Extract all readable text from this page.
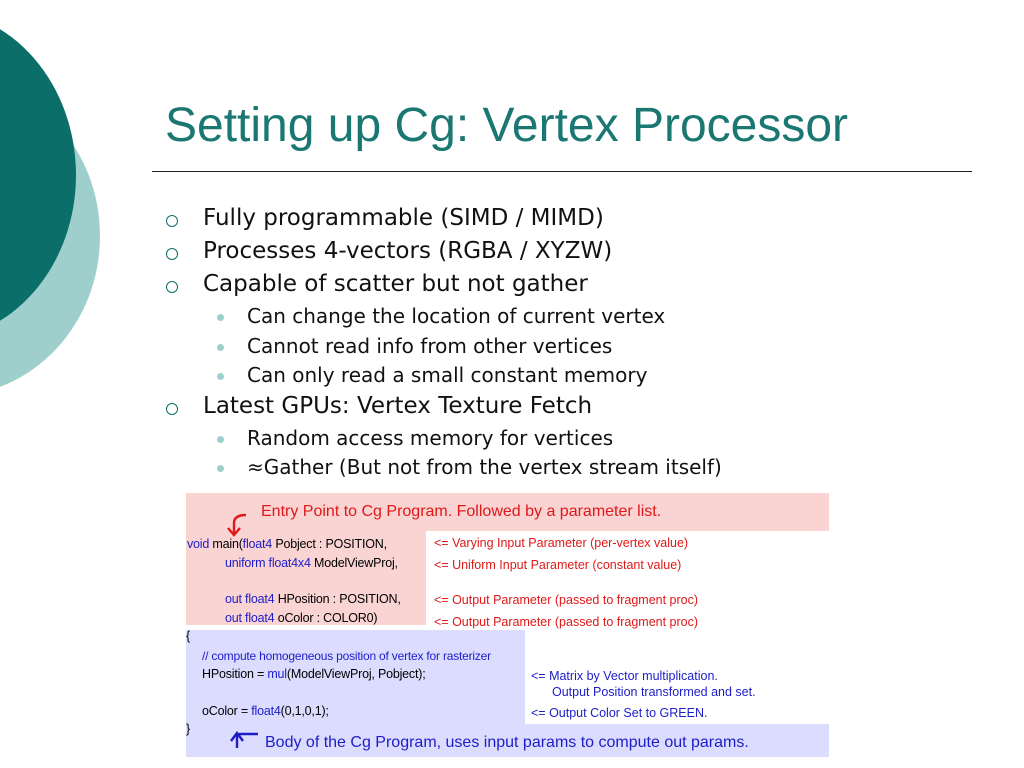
Setting up Cg: Vertex Processor
Fully programmable (SIMD / MIMD)
Processes 4-vectors (RGBA / XYZW)
Capable of scatter but not gather
Can change the location of current vertex
Cannot read info from other vertices
Can only read a small constant memory
Latest GPUs: Vertex Texture Fetch
Random access memory for vertices
≈Gather (But not from the vertex stream itself)
Entry Point to Cg Program. Followed by a parameter list.
void main(float4 Pobject : POSITION,
uniform float4x4 ModelViewProj,
out float4 HPosition : POSITION,
out float4 oColor : COLOR0)
{
// compute homogeneous position of vertex for rasterizer
HPosition = mul(ModelViewProj, Pobject);
oColor = float4(0,1,0,1);
}
<= Varying Input Parameter (per-vertex value)
<= Uniform Input Parameter (constant value)
<= Output Parameter (passed to fragment proc)
<= Output Parameter (passed to fragment proc)
<= Matrix by Vector multiplication.
Output Position transformed and set.
<= Output Color Set to GREEN.
Body of the Cg Program, uses input params to compute out params.
